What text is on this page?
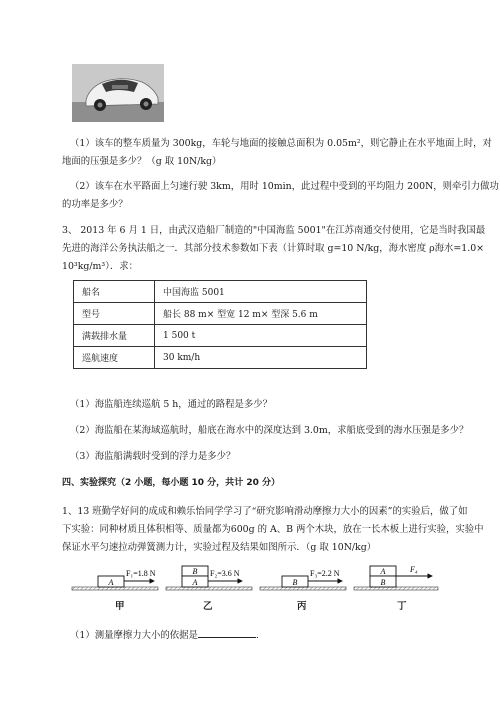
（1）该车的整车质量为 300kg，车轮与地面的接触总面积为 0.05m²，则它静止在水平地面上时，对
地面的压强是多少？（g 取 10N/kg）
（2）该车在水平路面上匀速行驶 3km，用时 10min，此过程中受到的平均阻力 200N，则牵引力做功
的功率是多少？
3、 2013 年 6 月 1 日，由武汉造船厂制造的"中国海监 5001"在江苏南通交付使用，它是当时我国最
先进的海洋公务执法船之一．其部分技术参数如下表（计算时取 g=10 N/kg，海水密度 ρ海水=1.0×
10³kg/m³）．求：
船名	中国海监 5001
型号	船长 88 m× 型宽 12 m× 型深 5.6 m
满载排水量	1 500 t
巡航速度	30 km/h
（1）海监船连续巡航 5 h，通过的路程是多少？
（2）海监船在某海域巡航时，船底在海水中的深度达到 3.0m，求船底受到的海水压强是多少？
（3）海监船满载时受到的浮力是多少？
四、实验探究（2 小题，每小题 10 分，共计 20 分）
1、13 班勤学好问的成成和赖乐怡同学学习了“研究影响滑动摩擦力大小的因素”的实验后，做了如
下实验：同种材质且体积相等、质量都为600g 的 A、B 两个木块，放在一长木板上进行实验，实验中
保证水平匀速拉动弹簧测力计，实验过程及结果如图所示．（g 取 10N/kg）
A
F₁=1.8 N	B
A
F₂=3.6 N
B
F₃=2.2 N	A
B
F₄
甲	乙	丙	丁
（1）测量摩擦力大小的依据是	.
